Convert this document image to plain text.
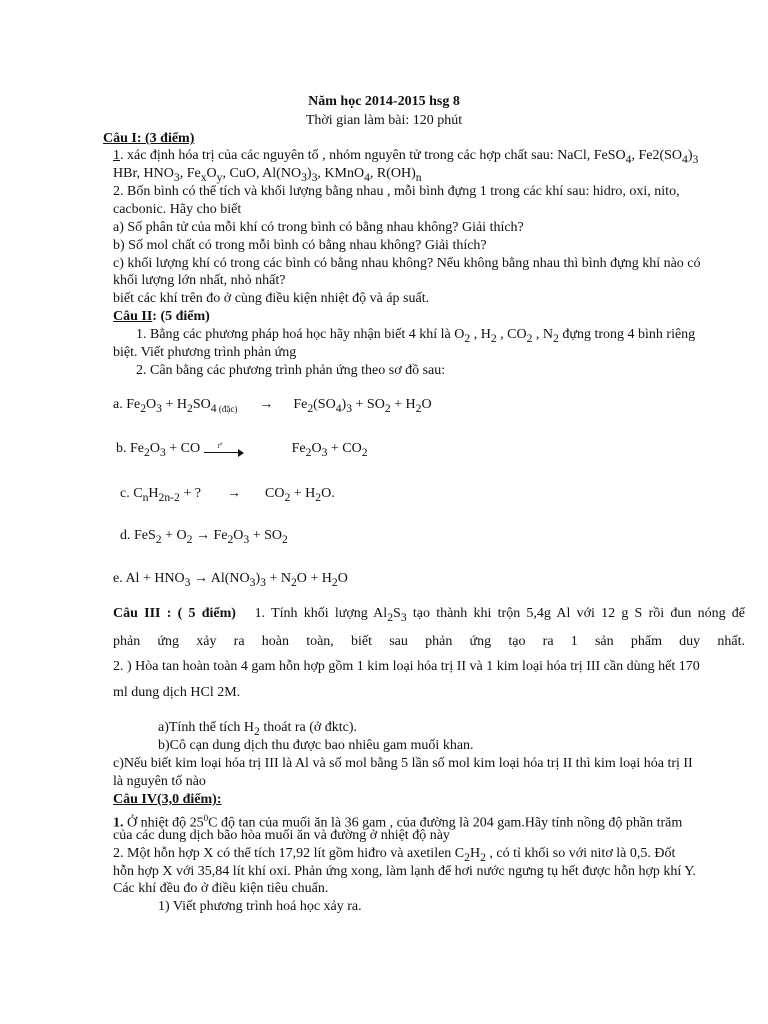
Năm học 2014-2015 hsg 8
Thời gian làm bài: 120 phút
Câu I: (3 điểm)
1. xác định hóa trị của các nguyên tố , nhóm nguyên tử trong các hợp chất sau: NaCl, FeSO$_4$, $Fe2(SO_4)_3$
HBr, $HNO_3$, $Fe_xO_y$, CuO, $Al(NO_3)_3$, KMnO$_4$, $R(OH)_n$
2. Bốn bình có thể tích và khối lượng bằng nhau , mỗi bình đựng 1 trong các khí sau: hidro, oxi, nito,
cacbonic. Hãy cho biết
a) Số phân tử của mỗi khí có trong bình có bằng nhau không? Giải thích?
b) Số mol chất có trong mỗi bình có bằng nhau không? Giải thích?
c) khối lượng khí có trong các bình có bằng nhau không? Nếu không bằng nhau thì bình đựng khí nào có
khối lượng lớn nhất, nhỏ nhất?
biết các khí trên đo ở cùng điều kiện nhiệt độ và áp suất.
Câu II: (5 điểm)
1. Bằng các phương pháp hoá học hãy nhận biết 4 khí là $O_2$ , $H_2$ , $CO_2$ , $N_2$ đựng trong 4 bình riêng
biệt. Viết phương trình phản ứng
2. Cân bằng các phương trình phản ứng theo sơ đồ sau:
a. $Fe_2O_3 + H_2SO_4$ $_{(đặc)} \to Fe_2(SO_4)_3 + SO_2 + H_2O$
b. $Fe_2O_3$ + CO	t⁰	$Fe_2O_3 + CO_2$
c. $C_nH_{2n-2}$ + ? → $CO_2 + H_2O$.
d. $FeS_2 + O_2 \to Fe_2O_3 + SO_2$
e. $Al + HNO_3 \to Al(NO_3)_3 + N_2O + H_2O$
Câu III : ( 5 điểm) 1. Tính khối lượng $Al_2S_3$ tạo thành khi trộn 5,4g Al với 12 g S rồi đun nóng để
phản ứng xảy ra hoàn toàn, biết sau phản ứng tạo ra 1 sản phẩm duy nhất.
2. ) Hòa tan hoàn toàn 4 gam hỗn hợp gồm 1 kim loại hóa trị II và 1 kim loại hóa trị III cần dùng hết 170
ml dung dịch HCl 2M.
a)Tính thể tích $H_2$ thoát ra (ở đktc).
b)Cô cạn dung dịch thu được bao nhiêu gam muối khan.
c)Nếu biết kim loại hóa trị III là Al và số mol bằng 5 lần số mol kim loại hóa trị II thì kim loại hóa trị II
là nguyên tố nào
Câu IV(3,0 điểm):
1. Ở nhiệt độ $25^0C$ độ tan của muối ăn là 36 gam , của đường là 204 gam.Hãy tính nồng độ phần trăm
của các dung dịch bão hòa muối ăn và đường ở nhiệt độ này
2. Một hỗn hợp X có thể tích 17,92 lít gồm hiđro và axetilen $C_2H_2$ , có tỉ khối so với nitơ là 0,5. Đốt
hỗn hợp X với 35,84 lít khí oxi. Phản ứng xong, làm lạnh để hơi nước ngưng tụ hết được hỗn hợp khí Y.
Các khí đều đo ở điều kiện tiêu chuẩn.
1) Viết phương trình hoá học xảy ra.
